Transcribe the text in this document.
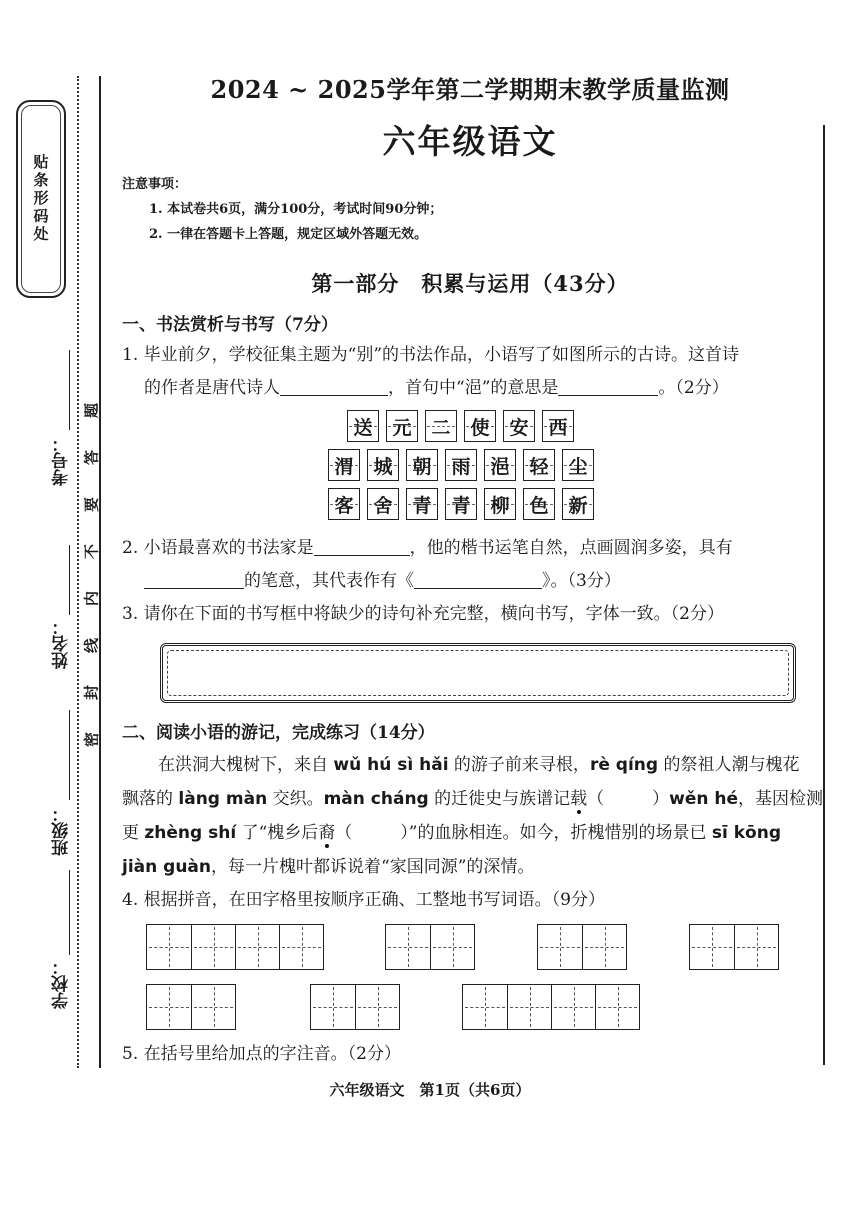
贴条形码处
考号：
姓名：
班级：
学校：
题
答
要
不
内
线
封
密
2024 ~ 2025学年第二学期期末教学质量监测
六年级语文
注意事项：
1. 本试卷共6页，满分100分，考试时间90分钟；
2. 一律在答题卡上答题，规定区域外答题无效。
第一部分　积累与运用（43分）
一、书法赏析与书写（7分）
1. 毕业前夕，学校征集主题为“别”的书法作品，小语写了如图所示的古诗。这首诗
的作者是唐代诗人	，首句中“浥”的意思是	。（2分）
送 元 二 使 安 西
渭 城 朝 雨 浥 轻 尘
客 舍 青 青 柳 色 新
2. 小语最喜欢的书法家是	，他的楷书运笔自然，点画圆润多姿，具有
的笔意，其代表作有《	》。（3分）
3. 请你在下面的书写框中将缺少的诗句补充完整，横向书写，字体一致。（2分）
二、阅读小语的游记，完成练习（14分）
在洪洞大槐树下，来自 wǔ hú sì hǎi 的游子前来寻根，rè qíng 的祭祖人潮与槐花
飘落的 làng màn 交织。màn cháng 的迁徙史与族谱记载（	）wěn hé，基因检测
更 zhèng shí 了“槐乡后裔（	）”的血脉相连。如今，折槐惜别的场景已 sī kōng
jiàn guàn，每一片槐叶都诉说着“家国同源”的深情。
4. 根据拼音，在田字格里按顺序正确、工整地书写词语。（9分）
5. 在括号里给加点的字注音。（2分）
六年级语文　第1页（共6页）
